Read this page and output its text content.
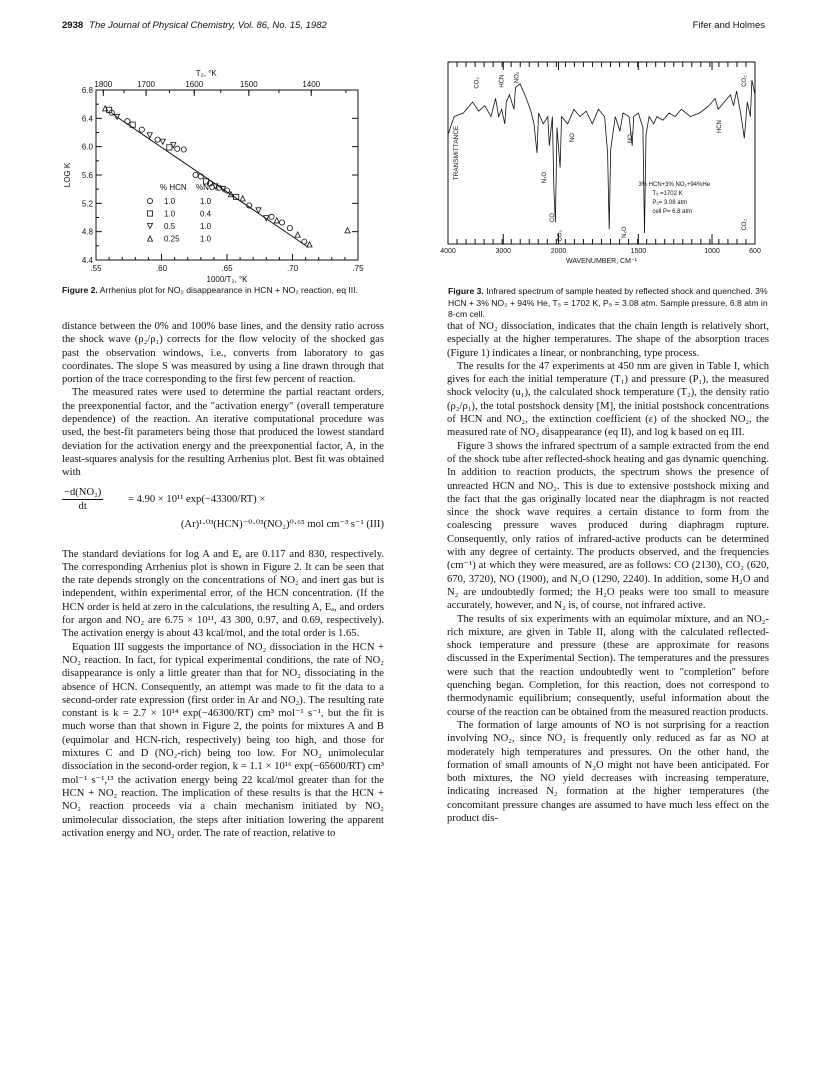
2938 The Journal of Physical Chemistry, Vol. 86, No. 15, 1982	Fifer and Holmes
.55	.60	.65	.70	.75
1000/T₂, °K
4.4
4.8
5.2
5.6
6.0
6.4
6.8
LOG K
1800	1700	1600	1500	1400
T₂, °K
% HCN %NO₂
1.0	1.0
1.0	0.4
0.5	1.0
0.25	1.0
Figure 2. Arrhenius plot for NO₂ disappearance in HCN + NO₂ reaction, eq III.
4000	3000	2000	1500	1000	600
WAVENUMBER, CM⁻¹
TRANSMITTANCE
CO₂	HCN NO₂
N₂O
NO
CO
CO₂	N₂O
NO₂
HCN
CO₂
CO₂
3% HCN+3% NO₂+94%He
T₅ =1702 K
P₅= 3.08 atm
cell P= 6.8 atm
Figure 3. Infrared spectrum of sample heated by reflected shock and quenched. 3% HCN + 3% NO₂ + 94% He, T₅ = 1702 K, P₅ = 3.08 atm. Sample pressure, 6.8 atm in 8-cm cell.

distance between the 0% and 100% base lines, and the density ratio across the shock wave (ρ₂/ρ₁) corrects for the flow velocity of the shocked gas past the observation windows, i.e., converts from laboratory to gas coordinates. The slope S was measured by using a line drawn through that portion of the trace corresponding to the first few percent of reaction.

The measured rates were used to determine the partial reactant orders, the preexponential factor, and the "activation energy" (overall temperature dependence) of the reaction. An iterative computational procedure was used, the best-fit parameters being those that produced the lowest standard deviation for the activation energy and the preexponential factor, A, in the least-squares analysis for the resulting Arrhenius plot. Best fit was obtained with

$\frac{\text{−d(NO₂)}}{dt} = 4.90 \times 10^{11}$ exp(−43300/RT) ×
(Ar)¹·⁰³(HCN)⁻⁰·⁰³(NO₂)⁰·⁶⁵ mol cm⁻³ s⁻¹ (III)

The standard deviations for log A and Eₐ are 0.117 and 830, respectively. The corresponding Arrhenius plot is shown in Figure 2. It can be seen that the rate depends strongly on the concentrations of NO₂ and inert gas but is independent, within experimental error, of the HCN concentration. (If the HCN order is held at zero in the calculations, the resulting A, Eₐ, and orders for argon and NO₂ are 6.75 × 10¹¹, 43 300, 0.97, and 0.69, respectively). The activation energy is about 43 kcal/mol, and the total order is 1.65.

Equation III suggests the importance of NO₂ dissociation in the HCN + NO₂ reaction. In fact, for typical experimental conditions, the rate of NO₂ disappearance is only a little greater than that for NO₂ dissociating in the absence of HCN. Consequently, an attempt was made to fit the data to a second-order rate expression (first order in Ar and NO₂). The resulting rate constant is k = 2.7 × 10¹⁴ exp(−46300/RT) cm³ mol⁻¹ s⁻¹, but the fit is much worse than that shown in Figure 2, the points for mixtures A and B (equimolar and HCN-rich, respectively) being too high, and those for mixtures C and D (NO₂-rich) being too low. For NO₂ unimolecular dissociation in the second-order region, k = 1.1 × 10¹⁶ exp(−65600/RT) cm³ mol⁻¹ s⁻¹,¹³ the activation energy being 22 kcal/mol greater than for the HCN + NO₂ reaction. The implication of these results is that the HCN + NO₂ reaction proceeds via a chain mechanism initiated by NO₂ unimolecular dissociation, the steps after initiation lowering the apparent activation energy and NO₂ order. The rate of reaction, relative to

that of NO₂ dissociation, indicates that the chain length is relatively short, especially at the higher temperatures. The shape of the absorption traces (Figure 1) indicates a linear, or nonbranching, type process.

The results for the 47 experiments at 450 nm are given in Table I, which gives for each the initial temperature (T₁) and pressure (P₁), the measured shock velocity (u₁), the calculated shock temperature (T₂), the density ratio (ρ₂/ρ₁), the total postshock density [M], the initial postshock concentrations of HCN and NO₂, the extinction coefficient (ε) of the shocked NO₂, the measured rate of NO₂ disappearance (eq II), and log k based on eq III.

Figure 3 shows the infrared spectrum of a sample extracted from the end of the shock tube after reflected-shock heating and gas dynamic quenching. In addition to reaction products, the spectrum shows the presence of unreacted HCN and NO₂. This is due to extensive postshock mixing and the fact that the gas originally located near the diaphragm is not reacted since the shock wave requires a certain distance to form from the coalescing pressure waves produced during diaphragm rupture. Consequently, only ratios of infrared-active products can be determined with any degree of certainty. The products observed, and the frequencies (cm⁻¹) at which they were measured, are as follows: CO (2130), CO₂ (620, 670, 3720), NO (1900), and N₂O (1290, 2240). In addition, some H₂O and N₂ are undoubtedly formed; the H₂O peaks were too small to measure accurately, however, and N₂ is, of course, not infrared active.

The results of six experiments with an equimolar mixture, and an NO₂-rich mixture, are given in Table II, along with the calculated reflected-shock temperature and pressure (these are approximate for reasons discussed in the Experimental Section). The temperatures and the pressures were such that the reaction undoubtedly went to "completion" before quenching began. Completion, for this reaction, does not correspond to thermodynamic equilibrium; consequently, useful information about the course of the reaction can be obtained from the measured reaction products.

The formation of large amounts of NO is not surprising for a reaction involving NO₂, since NO₂ is frequently only reduced as far as NO at moderately high temperatures and pressures. On the other hand, the formation of small amounts of N₂O might not have been anticipated. For both mixtures, the NO yield decreases with increasing temperature, indicating increased N₂ formation at the higher temperatures (the concomitant pressure changes are assumed to have much less effect on the product dis-
